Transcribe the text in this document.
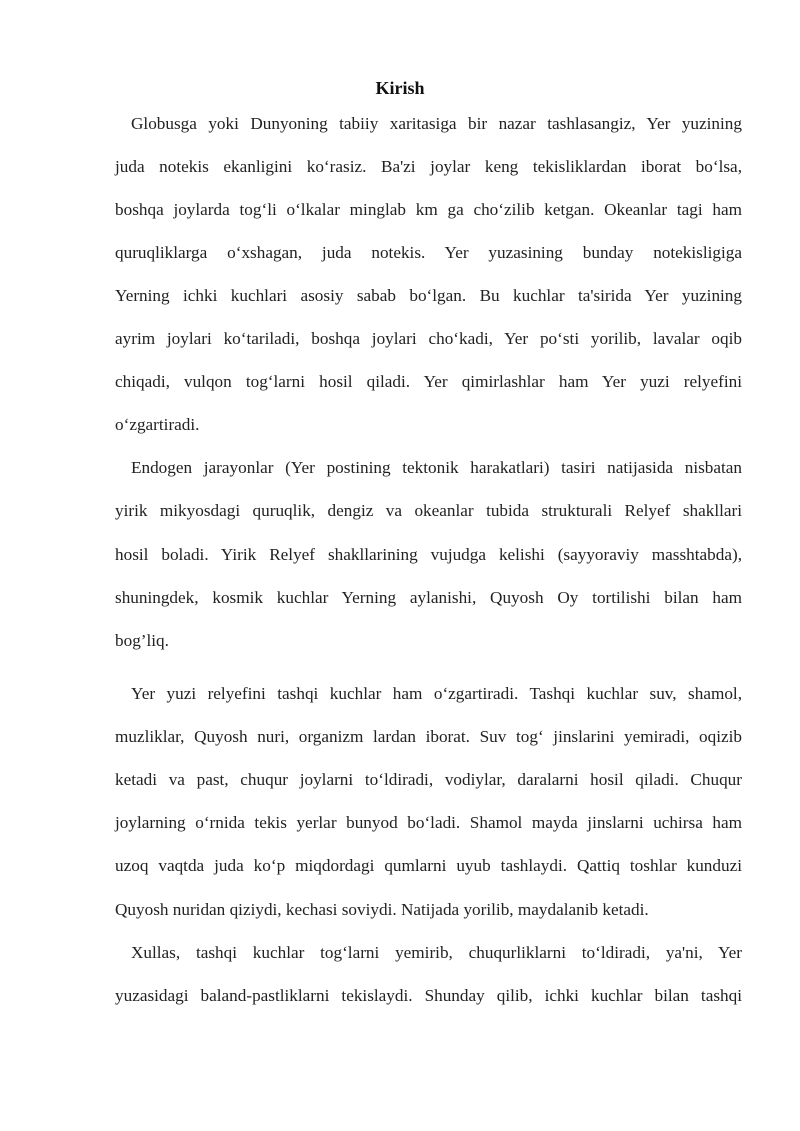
Kirish
Globusga yoki Dunyoning tabiiy xaritasiga bir nazar tashlasangiz, Yer yuzining
juda notekis ekanligini ko‘rasiz. Ba'zi joylar keng tekisliklardan iborat bo‘lsa,
boshqa joylarda tog‘li o‘lkalar minglab km ga cho‘zilib ketgan. Okeanlar tagi ham
quruqliklarga o‘xshagan, juda notekis. Yer yuzasining bunday notekisligiga
Yerning ichki kuchlari asosiy sabab bo‘lgan. Bu kuchlar ta'sirida Yer yuzining
ayrim joylari ko‘tariladi, boshqa joylari cho‘kadi, Yer po‘sti yorilib, lavalar oqib
chiqadi, vulqon tog‘larni hosil qiladi. Yer qimirlashlar ham Yer yuzi relyefini
o‘zgartiradi.
Endogen jarayonlar (Yer postining tektonik harakatlari) tasiri natijasida nisbatan
yirik mikyosdagi quruqlik, dengiz va okeanlar tubida strukturali Relyef shakllari
hosil boladi. Yirik Relyef shakllarining vujudga kelishi (sayyoraviy masshtabda),
shuningdek, kosmik kuchlar Yerning aylanishi, Quyosh Oy tortilishi bilan ham
bog’liq.
Yer yuzi relyefini tashqi kuchlar ham o‘zgartiradi. Tashqi kuchlar suv, shamol,
muzliklar, Quyosh nuri, organizm lardan iborat. Suv tog‘ jinslarini yemiradi, oqizib
ketadi va past, chuqur joylarni to‘ldiradi, vodiylar, daralarni hosil qiladi. Chuqur
joylarning o‘rnida tekis yerlar bunyod bo‘ladi. Shamol mayda jinslarni uchirsa ham
uzoq vaqtda juda ko‘p miqdordagi qumlarni uyub tashlaydi. Qattiq toshlar kunduzi
Quyosh nuridan qiziydi, kechasi soviydi. Natijada yorilib, maydalanib ketadi.
Xullas, tashqi kuchlar tog‘larni yemirib, chuqurliklarni to‘ldiradi, ya'ni, Yer
yuzasidagi baland-pastliklarni tekislaydi. Shunday qilib, ichki kuchlar bilan tashqi
